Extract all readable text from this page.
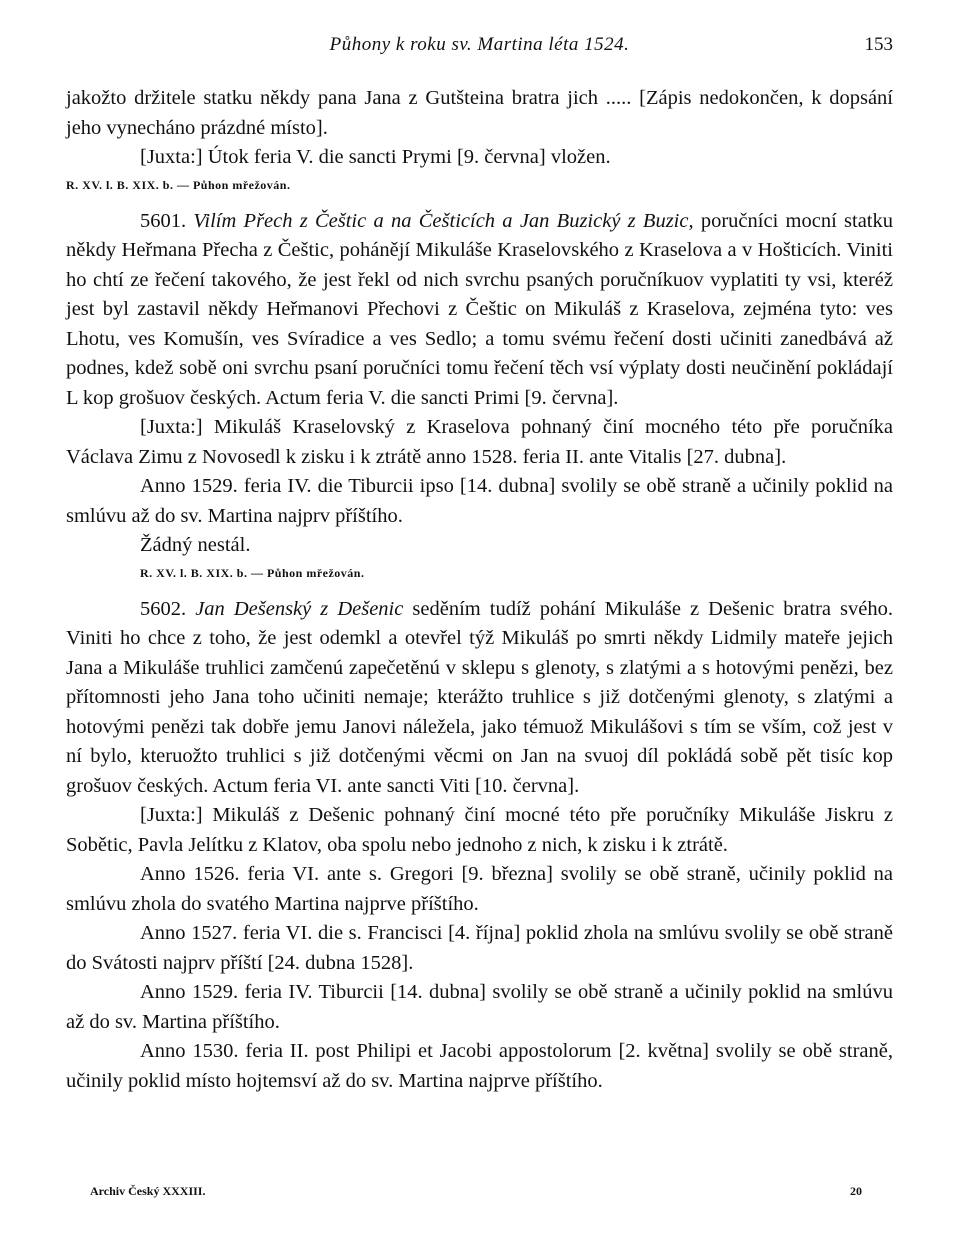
Půhony k roku sv. Martina léta 1524.	153

jakožto držitele statku někdy pana Jana z Gutšteina bratra jich ..... [Zápis nedokončen, k dopsání jeho vynecháno prázdné místo].

[Juxta:] Útok feria V. die sancti Prymi [9. června] vložen.

R. XV. l. B. XIX. b. — Půhon mřežován.

5601. Vilím Přech z Češtic a na Češticích a Jan Buzický z Buzic, poručníci mocní statku někdy Heřmana Přecha z Češtic, pohánějí Mikuláše Kraselovského z Kraselova a v Hošticích. Viniti ho chtí ze řečení takového, že jest řekl od nich svrchu psaných poručníkuov vyplatiti ty vsi, kteréž jest byl zastavil někdy Heřmanovi Přechovi z Češtic on Mikuláš z Kraselova, zejména tyto: ves Lhotu, ves Komušín, ves Svíradice a ves Sedlo; a tomu svému řečení dosti učiniti zanedbává až podnes, kdež sobě oni svrchu psaní poručníci tomu řečení těch vsí výplaty dosti neučinění pokládají L kop grošuov českých. Actum feria V. die sancti Primi [9. června].

[Juxta:] Mikuláš Kraselovský z Kraselova pohnaný činí mocného této pře poručníka Václava Zimu z Novosedl k zisku i k ztrátě anno 1528. feria II. ante Vitalis [27. dubna].

Anno 1529. feria IV. die Tiburcii ipso [14. dubna] svolily se obě straně a učinily poklid na smlúvu až do sv. Martina najprv příštího.

Žádný nestál.

R. XV. l. B. XIX. b. — Půhon mřežován.

5602. Jan Dešenský z Dešenic seděním tudíž pohání Mikuláše z Dešenic bratra svého. Viniti ho chce z toho, že jest odemkl a otevřel týž Mikuláš po smrti někdy Lidmily mateře jejich Jana a Mikuláše truhlici zamčenú zapečetěnú v sklepu s glenoty, s zlatými a s hotovými penězi, bez přítomnosti jeho Jana toho učiniti nemaje; kterážto truhlice s již dotčenými glenoty, s zlatými a hotovými penězi tak dobře jemu Janovi náležela, jako témuož Mikulášovi s tím se vším, což jest v ní bylo, kteruožto truhlici s již dotčenými věcmi on Jan na svuoj díl pokládá sobě pět tisíc kop grošuov českých. Actum feria VI. ante sancti Viti [10. června].

[Juxta:] Mikuláš z Dešenic pohnaný činí mocné této pře poručníky Mikuláše Jiskru z Sobětic, Pavla Jelítku z Klatov, oba spolu nebo jednoho z nich, k zisku i k ztrátě.

Anno 1526. feria VI. ante s. Gregori [9. března] svolily se obě straně, učinily poklid na smlúvu zhola do svatého Martina najprve příštího.

Anno 1527. feria VI. die s. Francisci [4. října] poklid zhola na smlúvu svolily se obě straně do Svátosti najprv příští [24. dubna 1528].

Anno 1529. feria IV. Tiburcii [14. dubna] svolily se obě straně a učinily poklid na smlúvu až do sv. Martina příštího.

Anno 1530. feria II. post Philipi et Jacobi appostolorum [2. května] svolily se obě straně, učinily poklid místo hojtemsví až do sv. Martina najprve příštího.

Archiv Český XXXIII.	20
